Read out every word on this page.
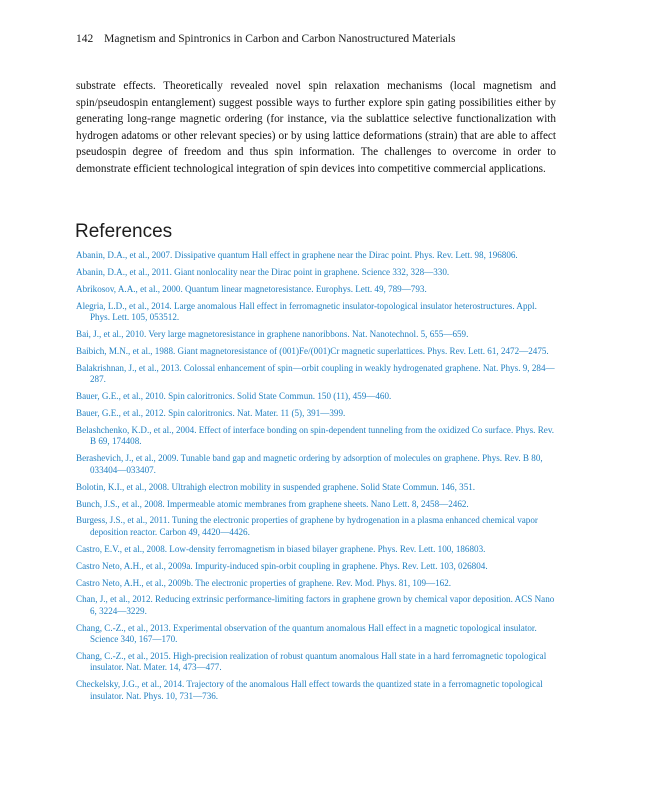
142 Magnetism and Spintronics in Carbon and Carbon Nanostructured Materials

substrate effects. Theoretically revealed novel spin relaxation mechanisms (local magnetism and spin/pseudospin entanglement) suggest possible ways to further explore spin gating possibilities either by generating long-range magnetic ordering (for instance, via the sublattice selective functionalization with hydrogen adatoms or other relevant species) or by using lattice deformations (strain) that are able to affect pseudospin degree of freedom and thus spin information. The challenges to overcome in order to demonstrate efficient technological integration of spin devices into competitive commercial applications.

References
Abanin, D.A., et al., 2007. Dissipative quantum Hall effect in graphene near the Dirac point. Phys. Rev. Lett. 98, 196806.
Abanin, D.A., et al., 2011. Giant nonlocality near the Dirac point in graphene. Science 332, 328—330.
Abrikosov, A.A., et al., 2000. Quantum linear magnetoresistance. Europhys. Lett. 49, 789—793.
Alegria, L.D., et al., 2014. Large anomalous Hall effect in ferromagnetic insulator-topological insulator heterostructures. Appl. Phys. Lett. 105, 053512.
Bai, J., et al., 2010. Very large magnetoresistance in graphene nanoribbons. Nat. Nanotechnol. 5, 655—659.
Baibich, M.N., et al., 1988. Giant magnetoresistance of (001)Fe/(001)Cr magnetic superlattices. Phys. Rev. Lett. 61, 2472—2475.
Balakrishnan, J., et al., 2013. Colossal enhancement of spin—orbit coupling in weakly hydrogenated graphene. Nat. Phys. 9, 284—287.
Bauer, G.E., et al., 2010. Spin caloritronics. Solid State Commun. 150 (11), 459—460.
Bauer, G.E., et al., 2012. Spin caloritronics. Nat. Mater. 11 (5), 391—399.
Belashchenko, K.D., et al., 2004. Effect of interface bonding on spin-dependent tunneling from the oxidized Co surface. Phys. Rev. B 69, 174408.
Berashevich, J., et al., 2009. Tunable band gap and magnetic ordering by adsorption of molecules on graphene. Phys. Rev. B 80, 033404—033407.
Bolotin, K.I., et al., 2008. Ultrahigh electron mobility in suspended graphene. Solid State Commun. 146, 351.
Bunch, J.S., et al., 2008. Impermeable atomic membranes from graphene sheets. Nano Lett. 8, 2458—2462.
Burgess, J.S., et al., 2011. Tuning the electronic properties of graphene by hydrogenation in a plasma enhanced chemical vapor deposition reactor. Carbon 49, 4420—4426.
Castro, E.V., et al., 2008. Low-density ferromagnetism in biased bilayer graphene. Phys. Rev. Lett. 100, 186803.
Castro Neto, A.H., et al., 2009a. Impurity-induced spin-orbit coupling in graphene. Phys. Rev. Lett. 103, 026804.
Castro Neto, A.H., et al., 2009b. The electronic properties of graphene. Rev. Mod. Phys. 81, 109—162.
Chan, J., et al., 2012. Reducing extrinsic performance-limiting factors in graphene grown by chemical vapor deposition. ACS Nano 6, 3224—3229.
Chang, C.-Z., et al., 2013. Experimental observation of the quantum anomalous Hall effect in a magnetic topological insulator. Science 340, 167—170.
Chang, C.-Z., et al., 2015. High-precision realization of robust quantum anomalous Hall state in a hard ferromagnetic topological insulator. Nat. Mater. 14, 473—477.
Checkelsky, J.G., et al., 2014. Trajectory of the anomalous Hall effect towards the quantized state in a ferromagnetic topological insulator. Nat. Phys. 10, 731—736.
